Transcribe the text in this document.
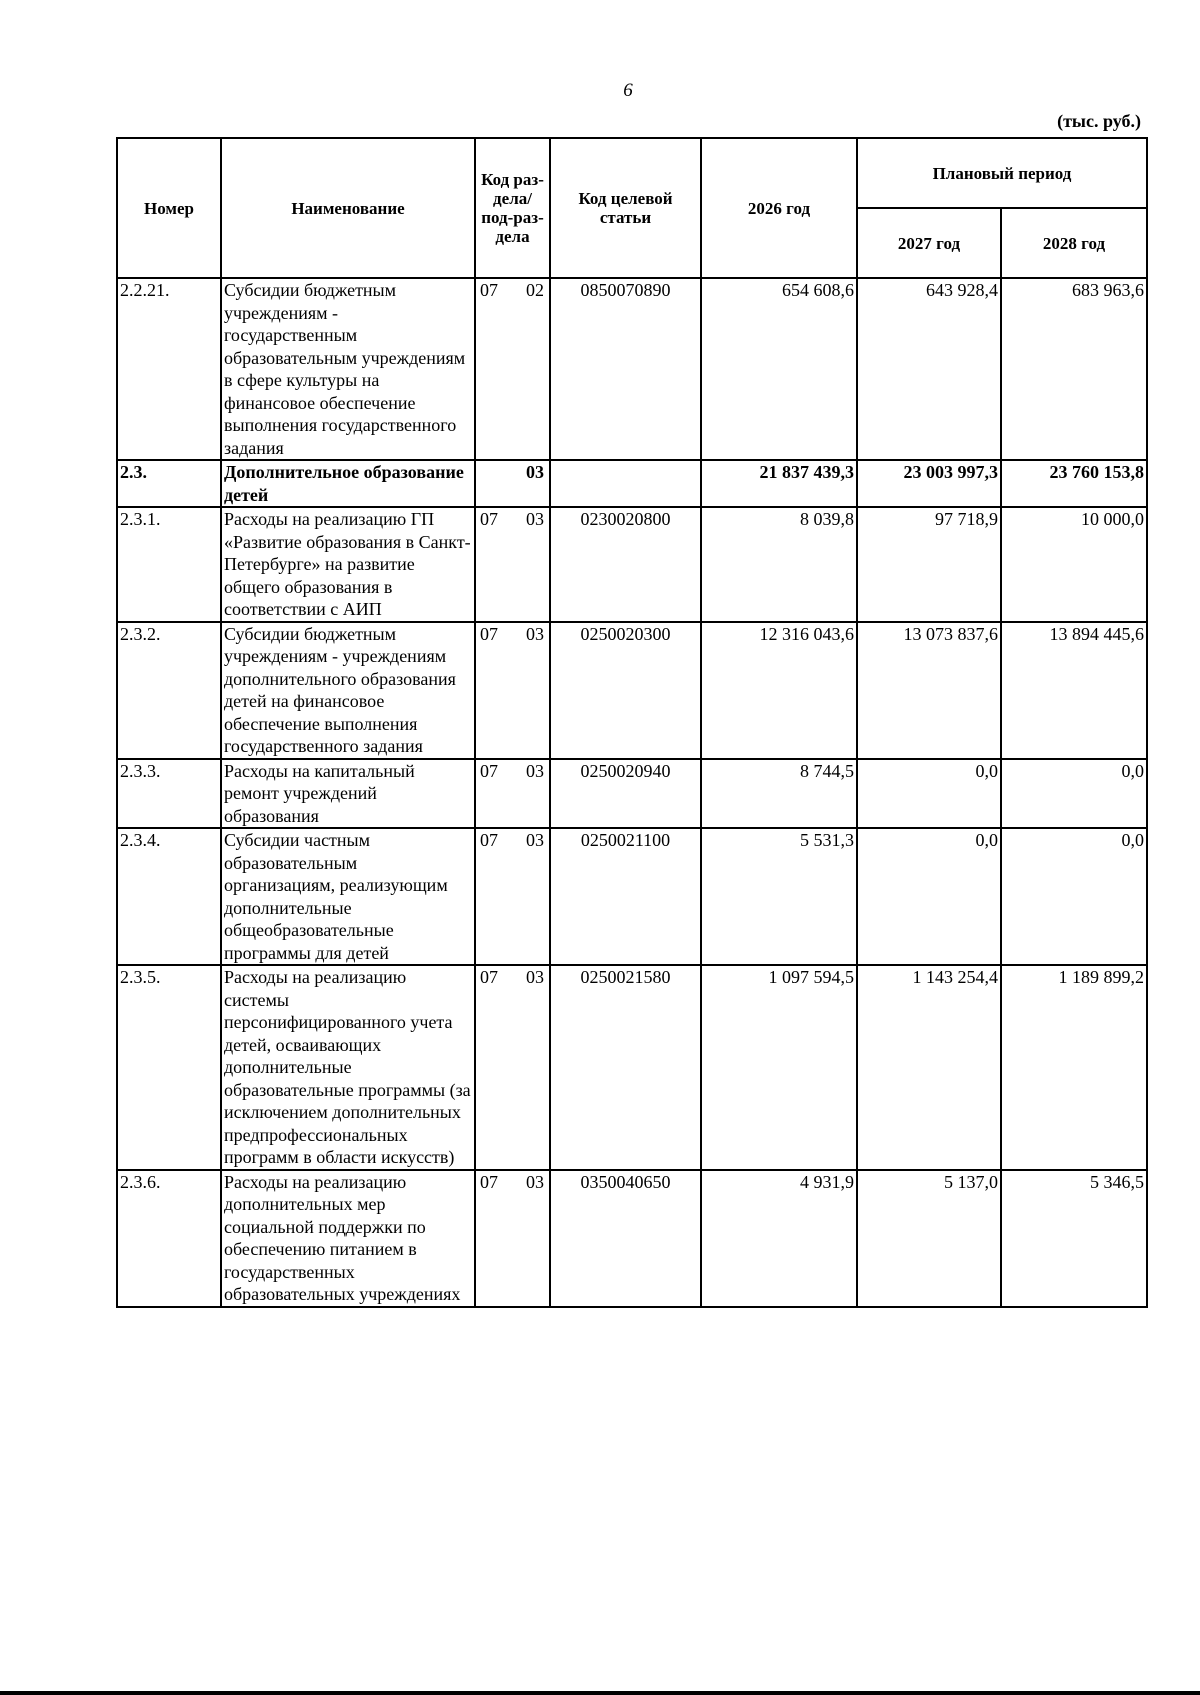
6
(тыс. руб.)
Номер	Наименование	Код раз-дела/ под-раз-дела	Код целевой статьи	2026 год	Плановый период	
					2027 год	2028 год
2.2.21.	Субсидии бюджетным учреждениям - государственным образовательным учреждениям в сфере культуры на финансовое обеспечение выполнения государственного задания	07 02	0850070890	654 608,6	643 928,4	683 963,6
2.3.	Дополнительное образование детей	03		21 837 439,3	23 003 997,3	23 760 153,8
2.3.1.	Расходы на реализацию ГП «Развитие образования в Санкт-Петербурге» на развитие общего образования в соответствии с АИП	07 03	0230020800	8 039,8	97 718,9	10 000,0
2.3.2.	Субсидии бюджетным учреждениям - учреждениям дополнительного образования детей на финансовое обеспечение выполнения государственного задания	07 03	0250020300	12 316 043,6	13 073 837,6	13 894 445,6
2.3.3.	Расходы на капитальный ремонт учреждений образования	07 03	0250020940	8 744,5	0,0	0,0
2.3.4.	Субсидии частным образовательным организациям, реализующим дополнительные общеобразовательные программы для детей	07 03	0250021100	5 531,3	0,0	0,0
2.3.5.	Расходы на реализацию системы персонифицированного учета детей, осваивающих дополнительные образовательные программы (за исключением дополнительных предпрофессиональных программ в области искусств)	07 03	0250021580	1 097 594,5	1 143 254,4	1 189 899,2
2.3.6.	Расходы на реализацию дополнительных мер социальной поддержки по обеспечению питанием в государственных образовательных учреждениях	07 03	0350040650	4 931,9	5 137,0	5 346,5
